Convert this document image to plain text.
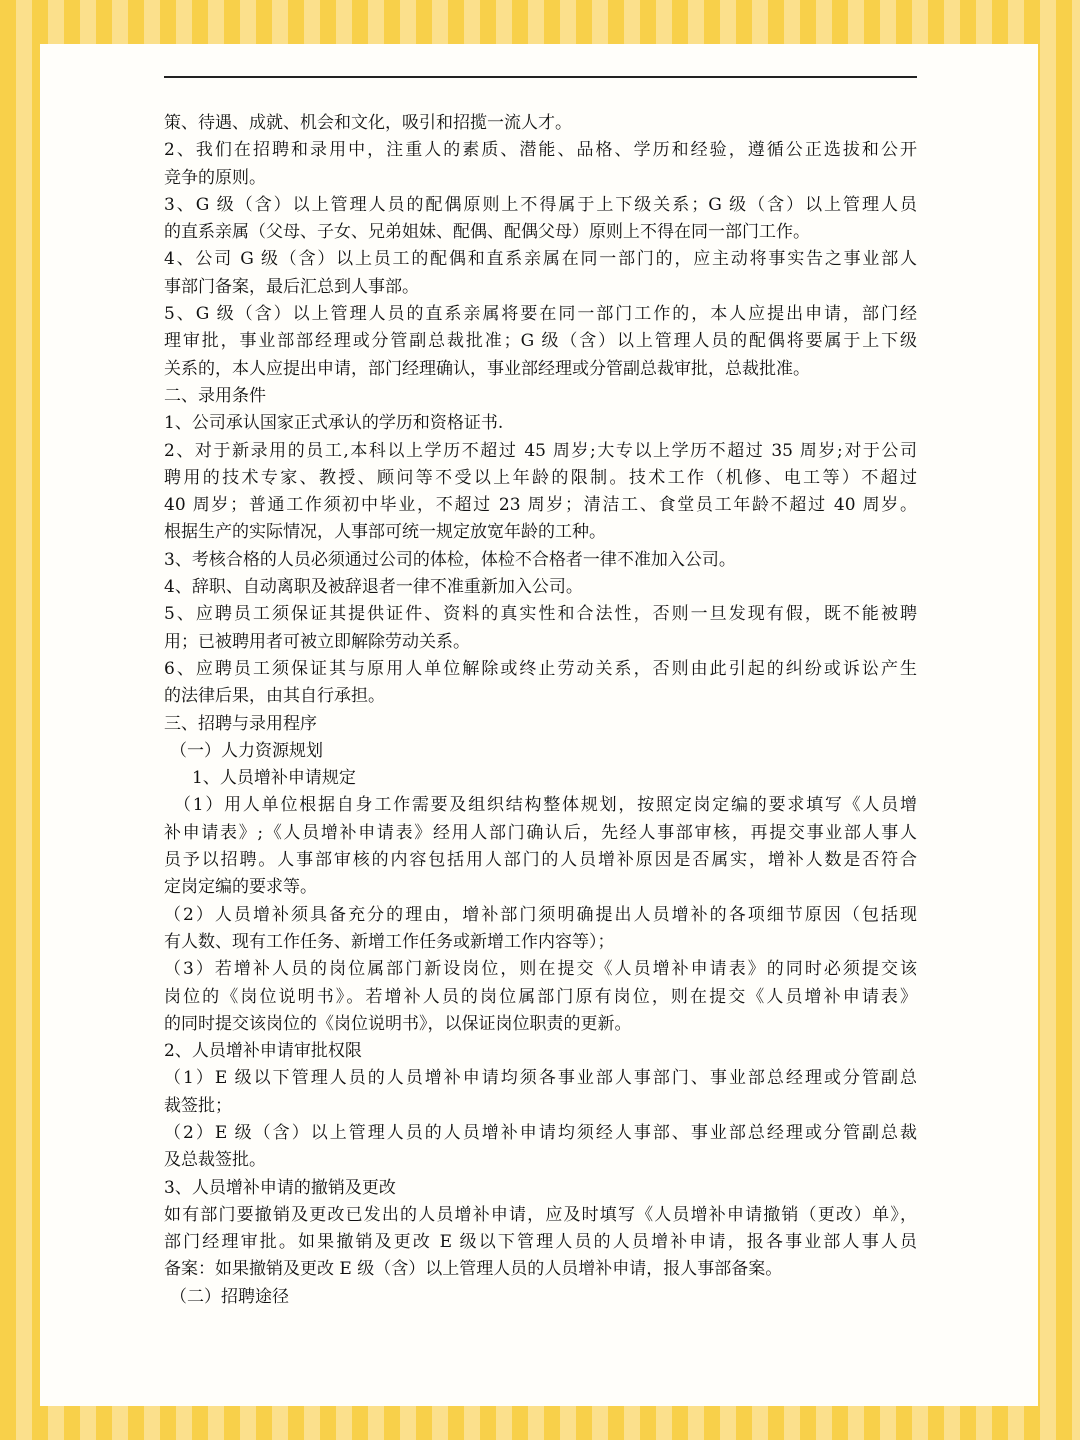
策、待遇、成就、机会和文化，吸引和招揽一流人才。
2、我们在招聘和录用中，注重人的素质、潜能、品格、学历和经验，遵循公正选拔和公开
竞争的原则。
3、G 级（含）以上管理人员的配偶原则上不得属于上下级关系；G 级（含）以上管理人员
的直系亲属（父母、子女、兄弟姐妹、配偶、配偶父母）原则上不得在同一部门工作。
4、公司 G 级（含）以上员工的配偶和直系亲属在同一部门的，应主动将事实告之事业部人
事部门备案，最后汇总到人事部。
5、G 级（含）以上管理人员的直系亲属将要在同一部门工作的，本人应提出申请，部门经
理审批，事业部部经理或分管副总裁批准；G 级（含）以上管理人员的配偶将要属于上下级
关系的，本人应提出申请，部门经理确认，事业部经理或分管副总裁审批，总裁批准。
二、录用条件
1、公司承认国家正式承认的学历和资格证书.
2、对于新录用的员工,本科以上学历不超过 45 周岁;大专以上学历不超过 35 周岁;对于公司
聘用的技术专家、教授、顾问等不受以上年龄的限制。技术工作（机修、电工等）不超过
40 周岁；普通工作须初中毕业，不超过 23 周岁；清洁工、食堂员工年龄不超过 40 周岁。
根据生产的实际情况，人事部可统一规定放宽年龄的工种。
3、考核合格的人员必须通过公司的体检，体检不合格者一律不准加入公司。
4、辞职、自动离职及被辞退者一律不准重新加入公司。
5、应聘员工须保证其提供证件、资料的真实性和合法性，否则一旦发现有假，既不能被聘
用；已被聘用者可被立即解除劳动关系。
6、应聘员工须保证其与原用人单位解除或终止劳动关系，否则由此引起的纠纷或诉讼产生
的法律后果，由其自行承担。
三、招聘与录用程序
（一）人力资源规划
1、人员增补申请规定
（1）用人单位根据自身工作需要及组织结构整体规划，按照定岗定编的要求填写《人员增
补申请表》;《人员增补申请表》经用人部门确认后，先经人事部审核，再提交事业部人事人
员予以招聘。人事部审核的内容包括用人部门的人员增补原因是否属实，增补人数是否符合
定岗定编的要求等。
（2）人员增补须具备充分的理由，增补部门须明确提出人员增补的各项细节原因（包括现
有人数、现有工作任务、新增工作任务或新增工作内容等）；
（3）若增补人员的岗位属部门新设岗位，则在提交《人员增补申请表》的同时必须提交该
岗位的《岗位说明书》。若增补人员的岗位属部门原有岗位，则在提交《人员增补申请表》
的同时提交该岗位的《岗位说明书》，以保证岗位职责的更新。
2、人员增补申请审批权限
（1）E 级以下管理人员的人员增补申请均须各事业部人事部门、事业部总经理或分管副总
裁签批；
（2）E 级（含）以上管理人员的人员增补申请均须经人事部、事业部总经理或分管副总裁
及总裁签批。
3、人员增补申请的撤销及更改
如有部门要撤销及更改已发出的人员增补申请，应及时填写《人员增补申请撤销（更改）单》，
部门经理审批。如果撤销及更改 E 级以下管理人员的人员增补申请，报各事业部人事人员
备案：如果撤销及更改 E 级（含）以上管理人员的人员增补申请，报人事部备案。
（二）招聘途径
